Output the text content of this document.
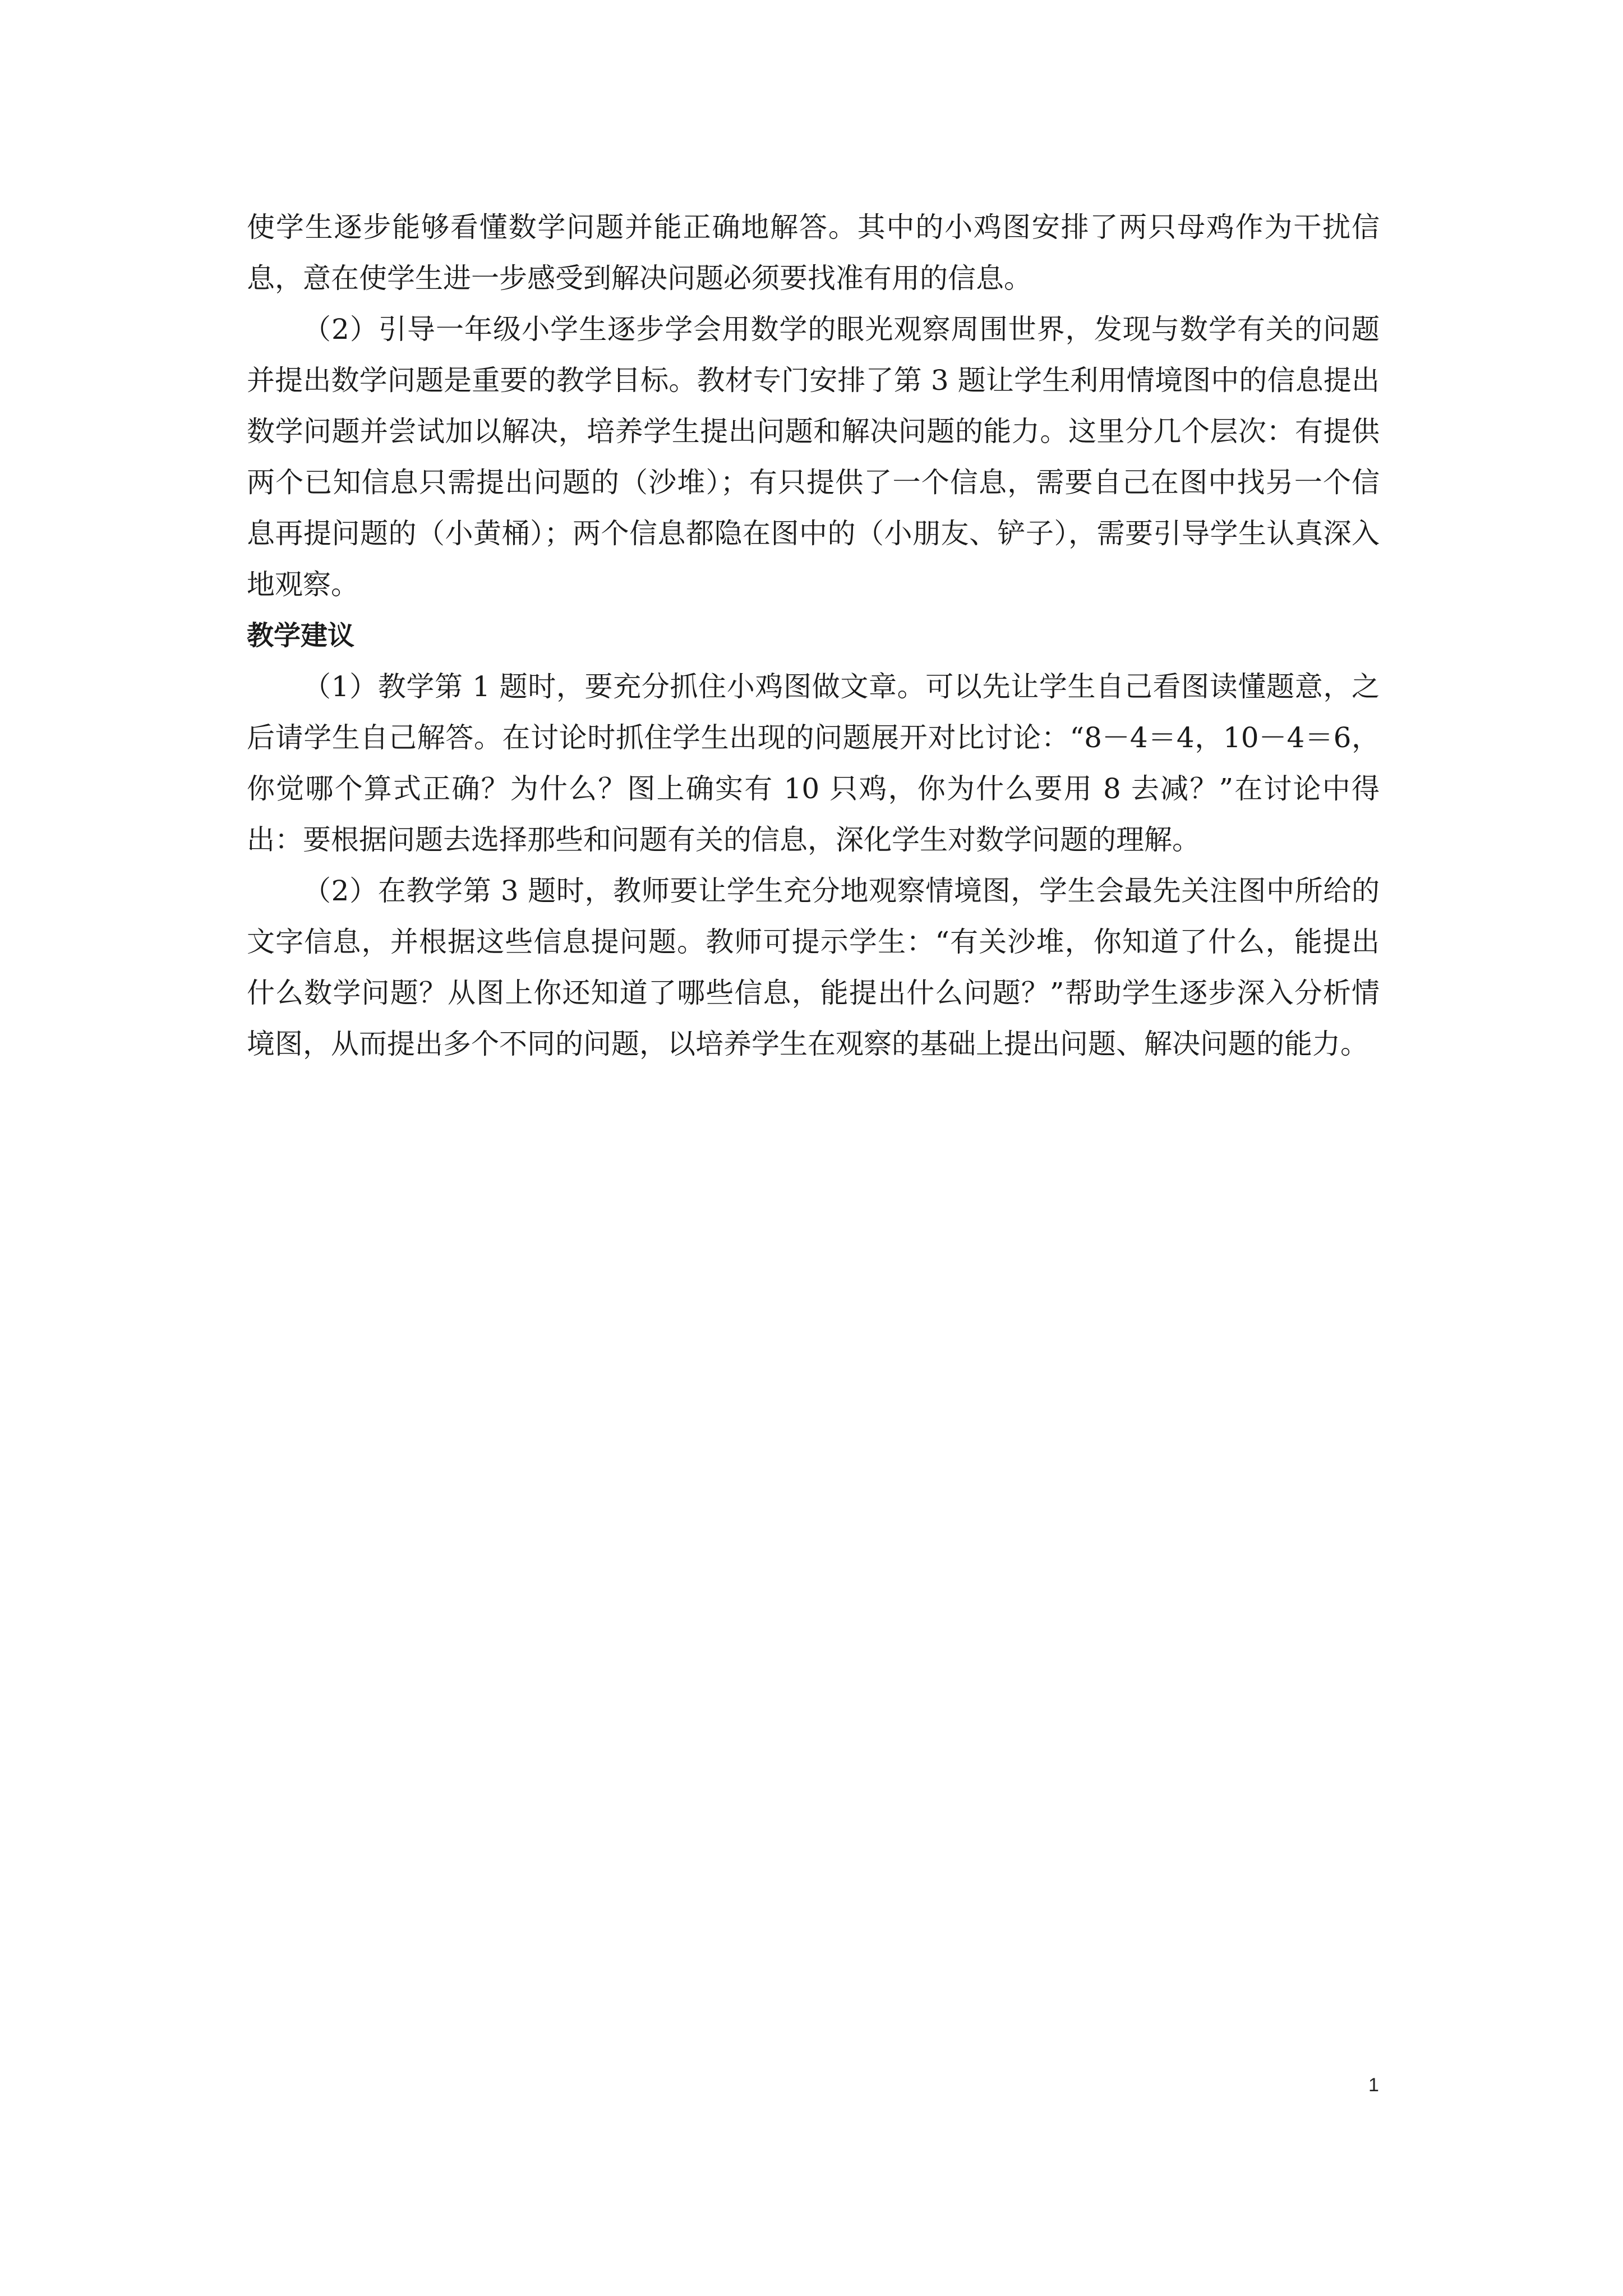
使学生逐步能够看懂数学问题并能正确地解答。其中的小鸡图安排了两只母鸡作为干扰信息，意在使学生进一步感受到解决问题必须要找准有用的信息。

（2）引导一年级小学生逐步学会用数学的眼光观察周围世界，发现与数学有关的问题并提出数学问题是重要的教学目标。教材专门安排了第 3 题让学生利用情境图中的信息提出数学问题并尝试加以解决，培养学生提出问题和解决问题的能力。这里分几个层次：有提供两个已知信息只需提出问题的（沙堆）；有只提供了一个信息，需要自己在图中找另一个信息再提问题的（小黄桶）；两个信息都隐在图中的（小朋友、铲子），需要引导学生认真深入地观察。

教学建议

（1）教学第 1 题时，要充分抓住小鸡图做文章。可以先让学生自己看图读懂题意，之后请学生自己解答。在讨论时抓住学生出现的问题展开对比讨论：“8－4＝4，10－4＝6，你觉哪个算式正确？为什么？图上确实有 10 只鸡，你为什么要用 8 去减？”在讨论中得出：要根据问题去选择那些和问题有关的信息，深化学生对数学问题的理解。

（2）在教学第 3 题时，教师要让学生充分地观察情境图，学生会最先关注图中所给的文字信息，并根据这些信息提问题。教师可提示学生：“有关沙堆，你知道了什么，能提出什么数学问题？从图上你还知道了哪些信息，能提出什么问题？”帮助学生逐步深入分析情境图，从而提出多个不同的问题，以培养学生在观察的基础上提出问题、解决问题的能力。

1
